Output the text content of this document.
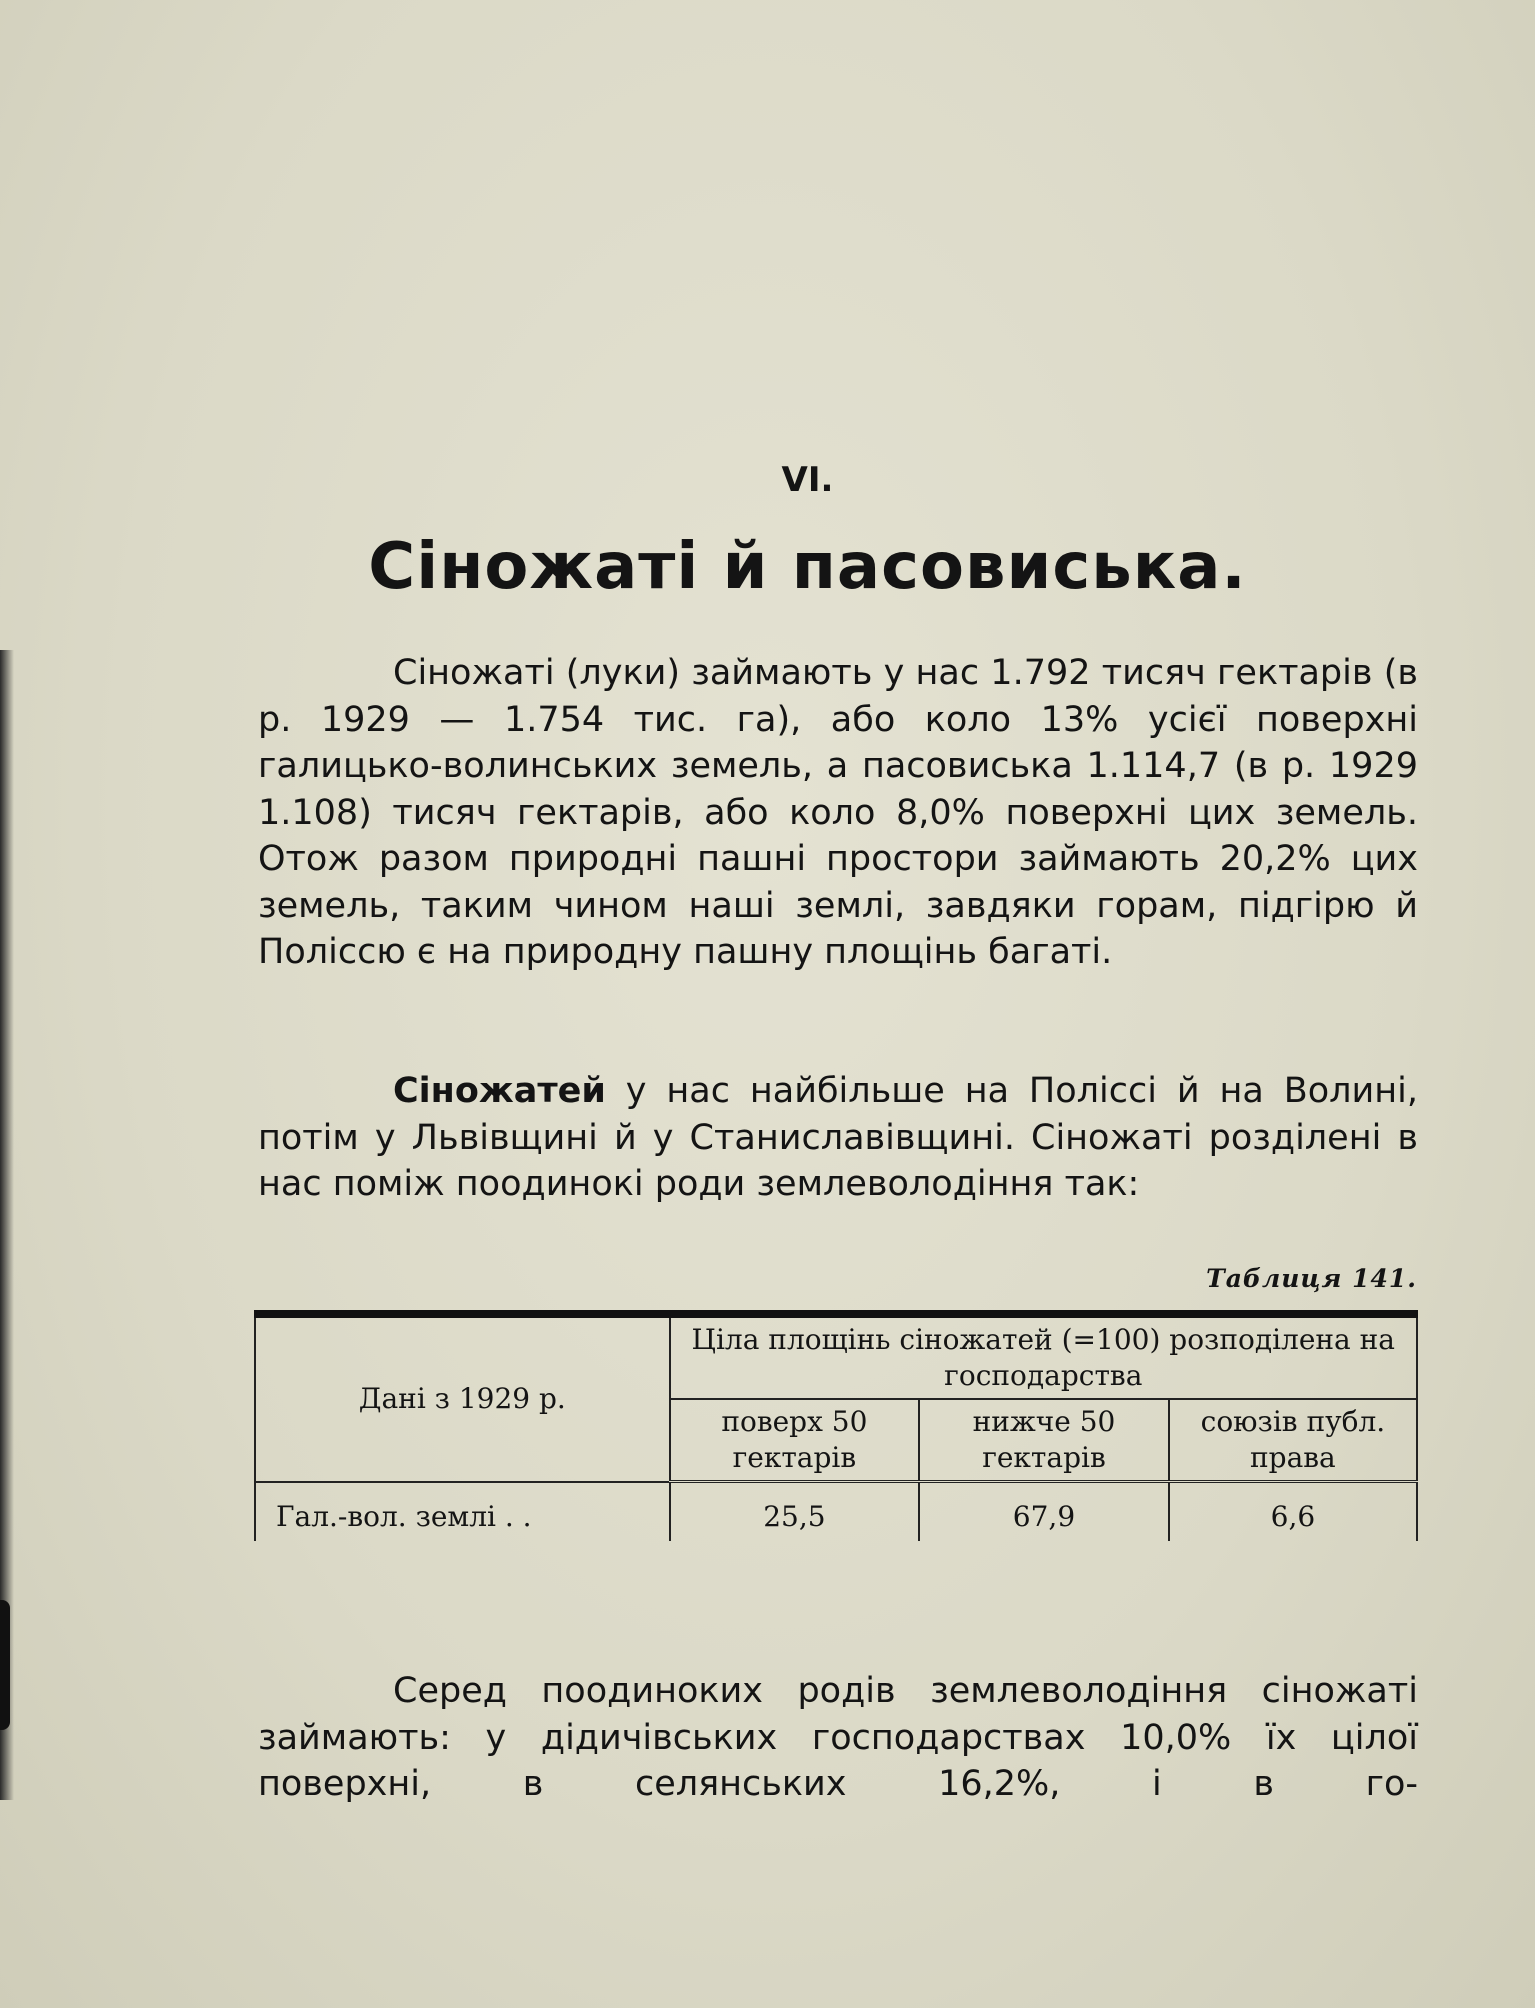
VI.
Сіножаті й пасовиська.

Сіножаті (луки) займають у нас 1.792 тисяч гектарів (в р. 1929 — 1.754 тис. га), або коло 13% усієї поверхні галицько-волинських земель, а пасовиська 1.114,7 (в р. 1929 1.108) тисяч гектарів, або коло 8,0% поверхні цих земель. Отож разом природні пашні простори займають 20,2% цих земель, таким чином наші землі, завдяки горам, підгірю й Поліссю є на природну пашну площінь багаті.

Сіножатей у нас найбільше на Поліссі й на Волині, потім у Львівщині й у Станиславівщині. Сіножаті розділені в нас поміж поодинокі роди землеволодіння так:

Таблиця 141.
Дані з 1929 р.	Ціла площінь сіножатей (=100) розподілена на господарства		
	поверх 50 гектарів	нижче 50 гектарів	союзів публ. права
Гал.-вол. землі . .	25,5	67,9	6,6

Серед поодиноких родів землеволодіння сіножаті займають: у дідичівських господарствах 10,0% їх цілої поверхні, в селянських 16,2%, і в го-
